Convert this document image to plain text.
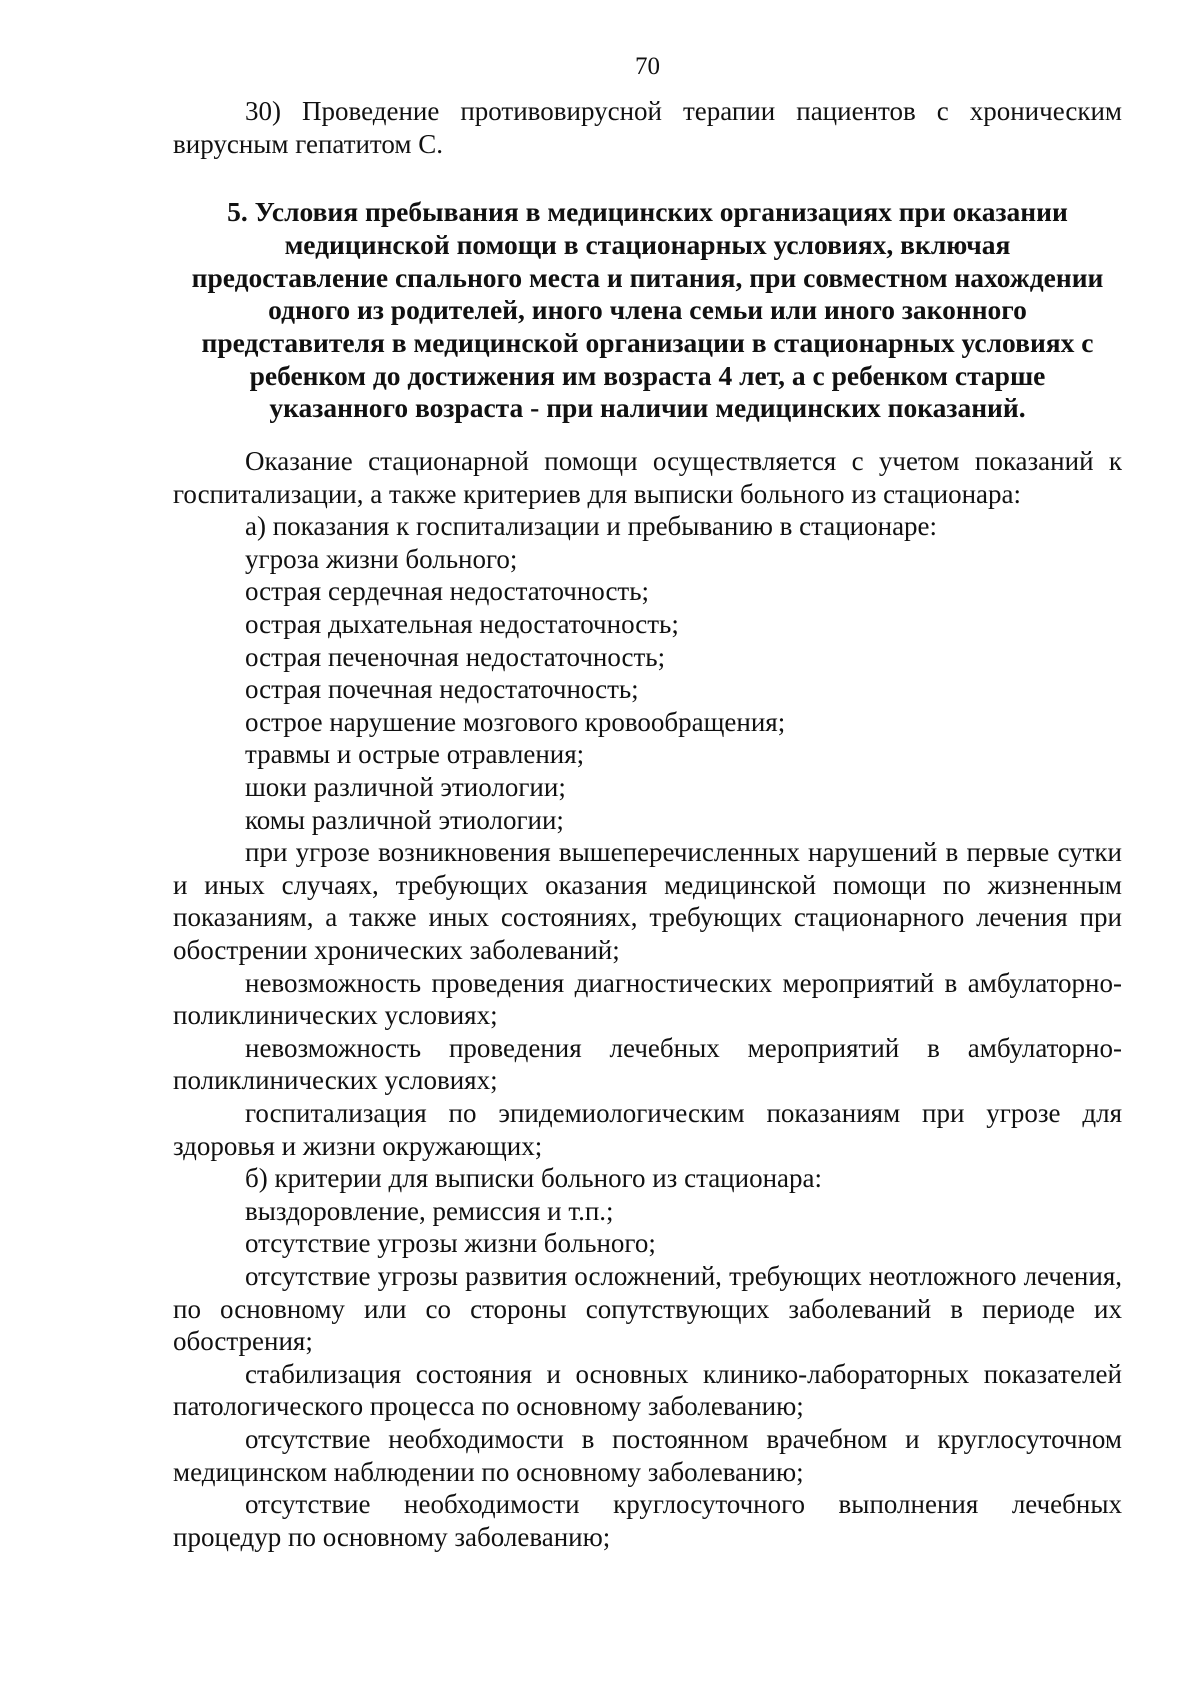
70

30) Проведение противовирусной терапии пациентов с хроническим вирусным гепатитом С.

5. Условия пребывания в медицинских организациях при оказании
медицинской помощи в стационарных условиях, включая
предоставление спального места и питания, при совместном нахождении
одного из родителей, иного члена семьи или иного законного
представителя в медицинской организации в стационарных условиях с
ребенком до достижения им возраста 4 лет, а с ребенком старше
указанного возраста - при наличии медицинских показаний.

Оказание стационарной помощи осуществляется с учетом показаний к госпитализации, а также критериев для выписки больного из стационара:

а) показания к госпитализации и пребыванию в стационаре:

угроза жизни больного;

острая сердечная недостаточность;

острая дыхательная недостаточность;

острая печеночная недостаточность;

острая почечная недостаточность;

острое нарушение мозгового кровообращения;

травмы и острые отравления;

шоки различной этиологии;

комы различной этиологии;

при угрозе возникновения вышеперечисленных нарушений в первые сутки и иных случаях, требующих оказания медицинской помощи по жизненным показаниям, а также иных состояниях, требующих стационарного лечения при обострении хронических заболеваний;

невозможность проведения диагностических мероприятий в амбулаторно-поликлинических условиях;

невозможность проведения лечебных мероприятий в амбулаторно-поликлинических условиях;

госпитализация по эпидемиологическим показаниям при угрозе для здоровья и жизни окружающих;

б) критерии для выписки больного из стационара:

выздоровление, ремиссия и т.п.;

отсутствие угрозы жизни больного;

отсутствие угрозы развития осложнений, требующих неотложного лечения, по основному или со стороны сопутствующих заболеваний в периоде их обострения;

стабилизация состояния и основных клинико-лабораторных показателей патологического процесса по основному заболеванию;

отсутствие необходимости в постоянном врачебном и круглосуточном медицинском наблюдении по основному заболеванию;

отсутствие необходимости круглосуточного выполнения лечебных процедур по основному заболеванию;
